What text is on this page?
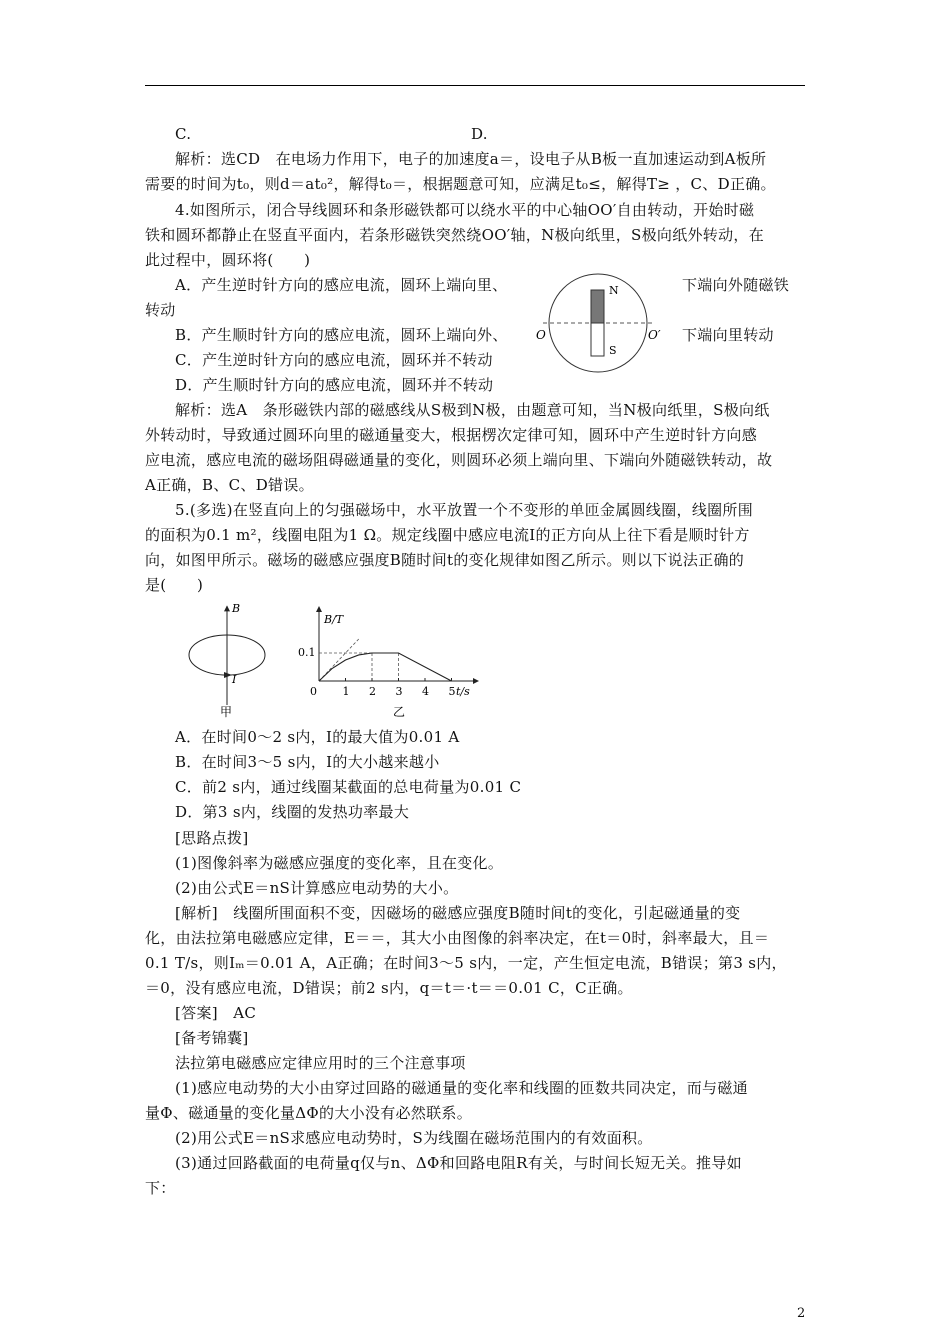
C.	D.
解析：选CD　在电场力作用下，电子的加速度a＝，设电子从B板一直加速运动到A板所
需要的时间为t₀，则d＝at₀²，解得t₀＝，根据题意可知，应满足t₀≤，解得T≥ ，C、D正确。
4.如图所示，闭合导线圆环和条形磁铁都可以绕水平的中心轴OO′自由转动，开始时磁
铁和圆环都静止在竖直平面内，若条形磁铁突然绕OO′轴，N极向纸里，S极向纸外转动，在
此过程中，圆环将(　　)
A．产生逆时针方向的感应电流，圆环上端向里、	下端向外随磁铁
转动
B．产生顺时针方向的感应电流，圆环上端向外、	下端向里转动
C．产生逆时针方向的感应电流，圆环并不转动
D．产生顺时针方向的感应电流，圆环并不转动
解析：选A　条形磁铁内部的磁感线从S极到N极，由题意可知，当N极向纸里，S极向纸
外转动时，导致通过圆环向里的磁通量变大，根据楞次定律可知，圆环中产生逆时针方向感
应电流，感应电流的磁场阻碍磁通量的变化，则圆环必须上端向里、下端向外随磁铁转动，故
A正确，B、C、D错误。
5.(多选)在竖直向上的匀强磁场中，水平放置一个不变形的单匝金属圆线圈，线圈所围
的面积为0.1 m²，线圈电阻为1 Ω。规定线圈中感应电流I的正方向从上往下看是顺时针方
向，如图甲所示。磁场的磁感应强度B随时间t的变化规律如图乙所示。则以下说法正确的
是(　　)
N
S
O	O′
B
I
甲
B/T
t/s
0.1
0 1 2 3 4 5
乙
A．在时间0～2 s内，I的最大值为0.01 A
B．在时间3～5 s内，I的大小越来越小
C．前2 s内，通过线圈某截面的总电荷量为0.01 C
D．第3 s内，线圈的发热功率最大
[思路点拨]
(1)图像斜率为磁感应强度的变化率，且在变化。
(2)由公式E＝nS计算感应电动势的大小。
[解析]　线圈所围面积不变，因磁场的磁感应强度B随时间t的变化，引起磁通量的变
化，由法拉第电磁感应定律，E＝＝，其大小由图像的斜率决定，在t＝0时，斜率最大，且＝
0.1 T/s，则Iₘ＝0.01 A，A正确；在时间3～5 s内，一定，产生恒定电流，B错误；第3 s内，
＝0，没有感应电流，D错误；前2 s内，q＝t＝·t＝＝0.01 C，C正确。
[答案]　AC
[备考锦囊]
法拉第电磁感应定律应用时的三个注意事项
(1)感应电动势的大小由穿过回路的磁通量的变化率和线圈的匝数共同决定，而与磁通
量Φ、磁通量的变化量ΔΦ的大小没有必然联系。
(2)用公式E＝nS求感应电动势时，S为线圈在磁场范围内的有效面积。
(3)通过回路截面的电荷量q仅与n、ΔΦ和回路电阻R有关，与时间长短无关。推导如
下：
2
